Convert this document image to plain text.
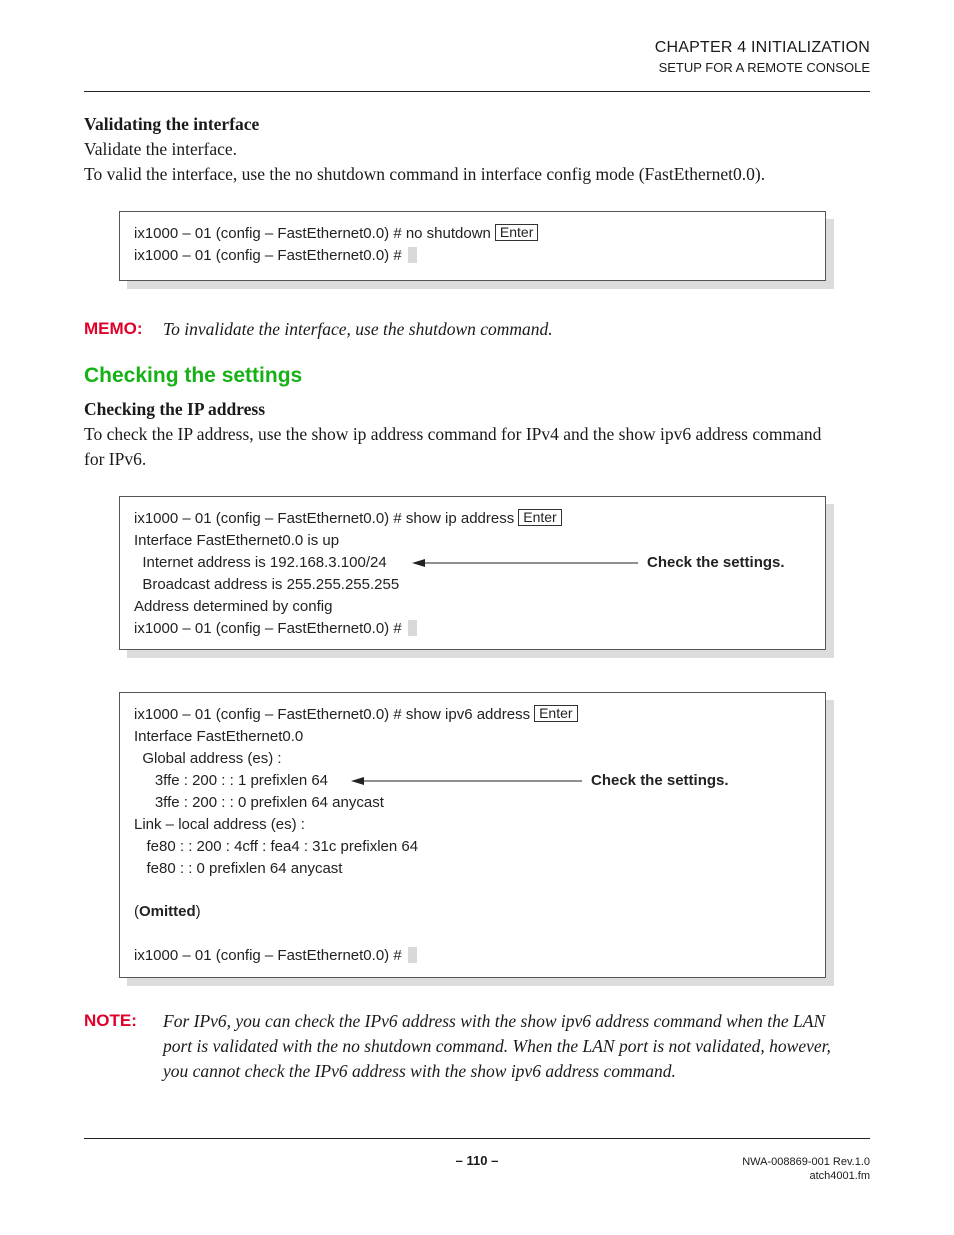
CHAPTER 4 INITIALIZATION
SETUP FOR A REMOTE CONSOLE
Validating the interface
Validate the interface.
To valid the interface, use the no shutdown command in interface config mode (FastEthernet0.0).
ix1000 – 01 (config – FastEthernet0.0) # no shutdown Enter
ix1000 – 01 (config – FastEthernet0.0) #
MEMO: To invalidate the interface, use the shutdown command.
Checking the settings
Checking the IP address
To check the IP address, use the show ip address command for IPv4 and the show ipv6 address command
for IPv6.
ix1000 – 01 (config – FastEthernet0.0) # show ip address Enter
Interface FastEthernet0.0 is up
Internet address is 192.168.3.100/24
Broadcast address is 255.255.255.255
Address determined by config
ix1000 – 01 (config – FastEthernet0.0) #
Check the settings.
ix1000 – 01 (config – FastEthernet0.0) # show ipv6 address Enter
Interface FastEthernet0.0
Global address (es) :
3ffe : 200 : : 1 prefixlen 64
3ffe : 200 : : 0 prefixlen 64 anycast
Link – local address (es) :
fe80 : : 200 : 4cff : fea4 : 31c prefixlen 64
fe80 : : 0 prefixlen 64 anycast
(Omitted)
ix1000 – 01 (config – FastEthernet0.0) #
Check the settings.
NOTE: For IPv6, you can check the IPv6 address with the show ipv6 address command when the LAN
port is validated with the no shutdown command. When the LAN port is not validated, however,
you cannot check the IPv6 address with the show ipv6 address command.
– 110 –	NWA-008869-001 Rev.1.0
atch4001.fm
